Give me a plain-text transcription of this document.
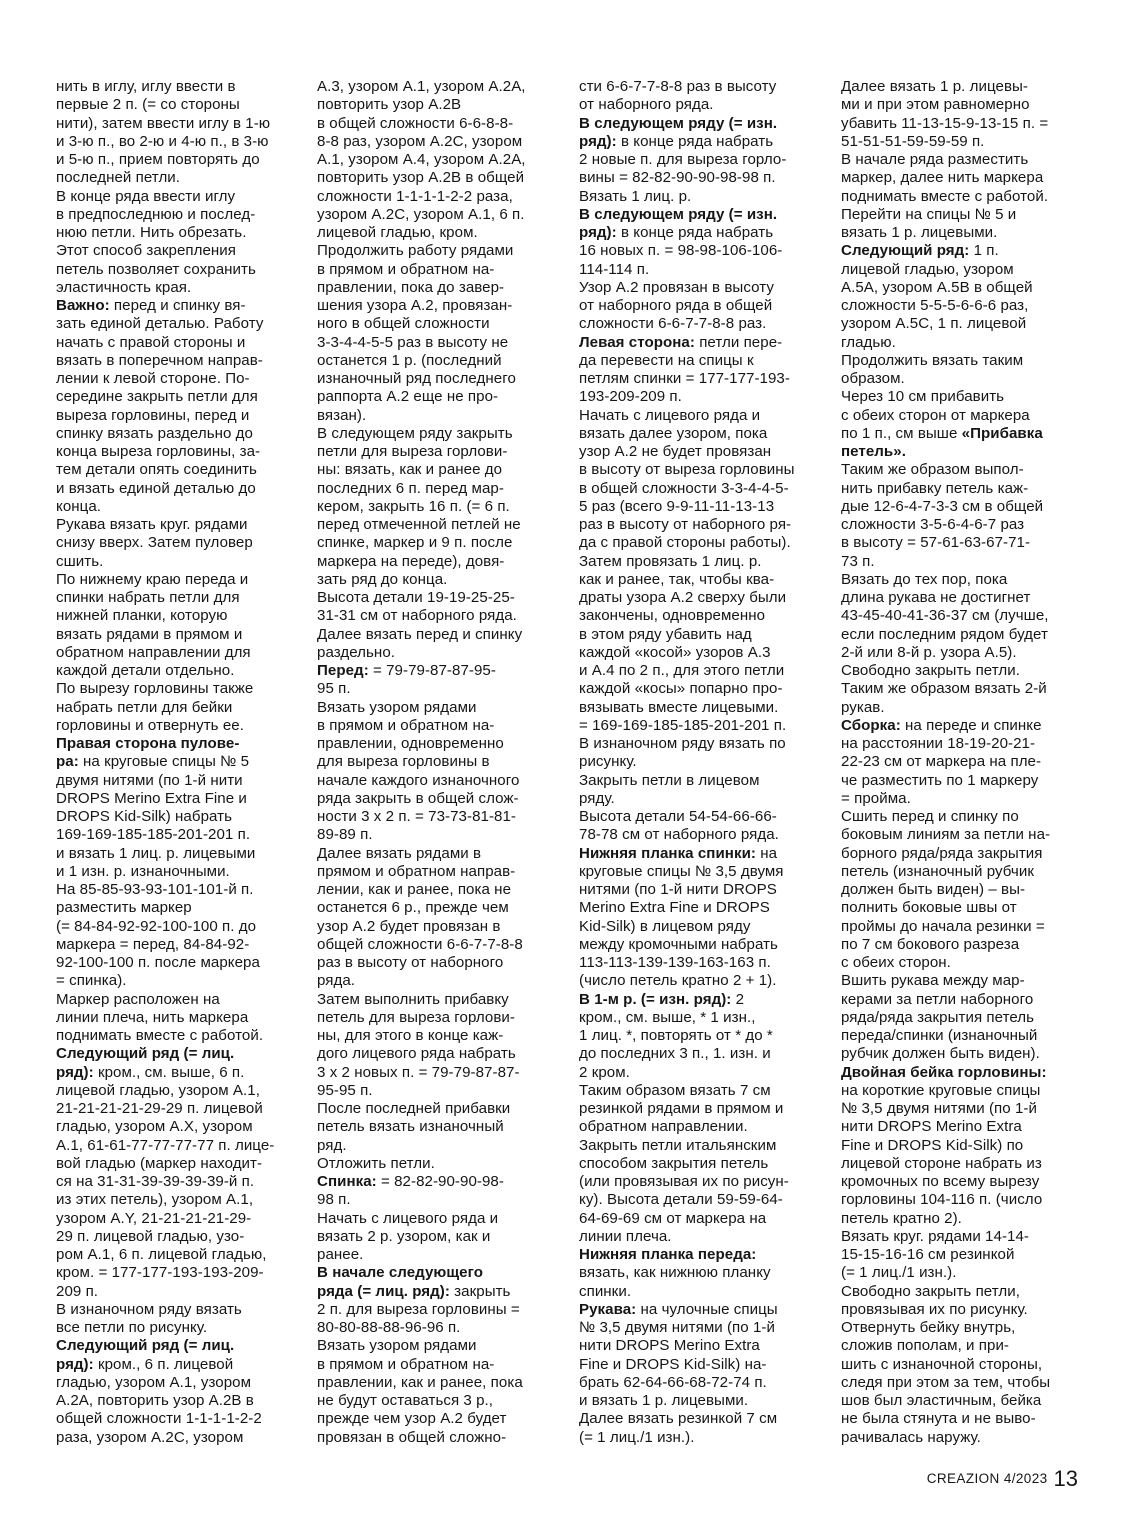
нить в иглу, иглу ввести в
первые 2 п. (= со стороны
нити), затем ввести иглу в 1-ю
и 3-ю п., во 2-ю и 4-ю п., в 3-ю
и 5-ю п., прием повторять до
последней петли.
В конце ряда ввести иглу
в предпоследнюю и послед-
нюю петли. Нить обрезать.
Этот способ закрепления
петель позволяет сохранить
эластичность края.
Важно: перед и спинку вя-
зать единой деталью. Работу
начать с правой стороны и
вязать в поперечном направ-
лении к левой стороне. По-
середине закрыть петли для
выреза горловины, перед и
спинку вязать раздельно до
конца выреза горловины, за-
тем детали опять соединить
и вязать единой деталью до
конца.
Рукава вязать круг. рядами
снизу вверх. Затем пуловер
сшить.
По нижнему краю переда и
спинки набрать петли для
нижней планки, которую
вязать рядами в прямом и
обратном направлении для
каждой детали отдельно.
По вырезу горловины также
набрать петли для бейки
горловины и отвернуть ее.
Правая сторона пулове-
ра: на круговые спицы № 5
двумя нитями (по 1-й нити
DROPS Merino Extra Fine и
DROPS Kid-Silk) набрать
169-169-185-185-201-201 п.
и вязать 1 лиц. р. лицевыми
и 1 изн. р. изнаночными.
На 85-85-93-93-101-101-й п.
разместить маркер
(= 84-84-92-92-100-100 п. до
маркера = перед, 84-84-92-
92-100-100 п. после маркера
= спинка).
Маркер расположен на
линии плеча, нить маркера
поднимать вместе с работой.
Следующий ряд (= лиц.
ряд): кром., см. выше, 6 п.
лицевой гладью, узором А.1,
21-21-21-21-29-29 п. лицевой
гладью, узором А.X, узором
А.1, 61-61-77-77-77-77 п. лице-
вой гладью (маркер находит-
ся на 31-31-39-39-39-39-й п.
из этих петель), узором А.1,
узором А.Y, 21-21-21-21-29-
29 п. лицевой гладью, узо-
ром А.1, 6 п. лицевой гладью,
кром. = 177-177-193-193-209-
209 п.
В изнаночном ряду вязать
все петли по рисунку.
Следующий ряд (= лиц.
ряд): кром., 6 п. лицевой
гладью, узором А.1, узором
А.2А, повторить узор А.2В в
общей сложности 1-1-1-1-2-2
раза, узором А.2С, узором
А.3, узором А.1, узором А.2А,
повторить узор А.2В
в общей сложности 6-6-8-8-
8-8 раз, узором А.2С, узором
А.1, узором А.4, узором А.2А,
повторить узор А.2В в общей
сложности 1-1-1-1-2-2 раза,
узором А.2С, узором А.1, 6 п.
лицевой гладью, кром.
Продолжить работу рядами
в прямом и обратном на-
правлении, пока до завер-
шения узора А.2, провязан-
ного в общей сложности
3-3-4-4-5-5 раз в высоту не
останется 1 р. (последний
изнаночный ряд последнего
раппорта А.2 еще не про-
вязан).
В следующем ряду закрыть
петли для выреза горлови-
ны: вязать, как и ранее до
последних 6 п. перед мар-
кером, закрыть 16 п. (= 6 п.
перед отмеченной петлей не
спинке, маркер и 9 п. после
маркера на переде), довя-
зать ряд до конца.
Высота детали 19-19-25-25-
31-31 см от наборного ряда.
Далее вязать перед и спинку
раздельно.
Перед: = 79-79-87-87-95-
95 п.
Вязать узором рядами
в прямом и обратном на-
правлении, одновременно
для выреза горловины в
начале каждого изнаночного
ряда закрыть в общей слож-
ности 3 х 2 п. = 73-73-81-81-
89-89 п.
Далее вязать рядами в
прямом и обратном направ-
лении, как и ранее, пока не
останется 6 р., прежде чем
узор А.2 будет провязан в
общей сложности 6-6-7-7-8-8
раз в высоту от наборного
ряда.
Затем выполнить прибавку
петель для выреза горлови-
ны, для этого в конце каж-
дого лицевого ряда набрать
3 х 2 новых п. = 79-79-87-87-
95-95 п.
После последней прибавки
петель вязать изнаночный
ряд.
Отложить петли.
Спинка: = 82-82-90-90-98-
98 п.
Начать с лицевого ряда и
вязать 2 р. узором, как и
ранее.
В начале следующего
ряда (= лиц. ряд): закрыть
2 п. для выреза горловины =
80-80-88-88-96-96 п.
Вязать узором рядами
в прямом и обратном на-
правлении, как и ранее, пока
не будут оставаться 3 р.,
прежде чем узор А.2 будет
провязан в общей сложно-
сти 6-6-7-7-8-8 раз в высоту
от наборного ряда.
В следующем ряду (= изн.
ряд): в конце ряда набрать
2 новые п. для выреза горло-
вины = 82-82-90-90-98-98 п.
Вязать 1 лиц. р.
В следующем ряду (= изн.
ряд): в конце ряда набрать
16 новых п. = 98-98-106-106-
114-114 п.
Узор А.2 провязан в высоту
от наборного ряда в общей
сложности 6-6-7-7-8-8 раз.
Левая сторона: петли пере-
да перевести на спицы к
петлям спинки = 177-177-193-
193-209-209 п.
Начать с лицевого ряда и
вязать далее узором, пока
узор А.2 не будет провязан
в высоту от выреза горловины
в общей сложности 3-3-4-4-5-
5 раз (всего 9-9-11-11-13-13
раз в высоту от наборного ря-
да с правой стороны работы).
Затем провязать 1 лиц. р.
как и ранее, так, чтобы ква-
драты узора А.2 сверху были
закончены, одновременно
в этом ряду убавить над
каждой «косой» узоров А.3
и А.4 по 2 п., для этого петли
каждой «косы» попарно про-
вязывать вместе лицевыми.
= 169-169-185-185-201-201 п.
В изнаночном ряду вязать по
рисунку.
Закрыть петли в лицевом
ряду.
Высота детали 54-54-66-66-
78-78 см от наборного ряда.
Нижняя планка спинки: на
круговые спицы № 3,5 двумя
нитями (по 1-й нити DROPS
Merino Extra Fine и DROPS
Kid-Silk) в лицевом ряду
между кромочными набрать
113-113-139-139-163-163 п.
(число петель кратно 2 + 1).
В 1-м р. (= изн. ряд): 2
кром., см. выше, * 1 изн.,
1 лиц. *, повторять от * до *
до последних 3 п., 1. изн. и
2 кром.
Таким образом вязать 7 см
резинкой рядами в прямом и
обратном направлении.
Закрыть петли итальянским
способом закрытия петель
(или провязывая их по рисун-
ку). Высота детали 59-59-64-
64-69-69 см от маркера на
линии плеча.
Нижняя планка переда:
вязать, как нижнюю планку
спинки.
Рукава: на чулочные спицы
№ 3,5 двумя нитями (по 1-й
нити DROPS Merino Extra
Fine и DROPS Kid-Silk) на-
брать 62-64-66-68-72-74 п.
и вязать 1 р. лицевыми.
Далее вязать резинкой 7 см
(= 1 лиц./1 изн.).
Далее вязать 1 р. лицевы-
ми и при этом равномерно
убавить 11-13-15-9-13-15 п. =
51-51-51-59-59-59 п.
В начале ряда разместить
маркер, далее нить маркера
поднимать вместе с работой.
Перейти на спицы № 5 и
вязать 1 р. лицевыми.
Следующий ряд: 1 п.
лицевой гладью, узором
А.5А, узором А.5В в общей
сложности 5-5-5-6-6-6 раз,
узором А.5С, 1 п. лицевой
гладью.
Продолжить вязать таким
образом.
Через 10 см прибавить
с обеих сторон от маркера
по 1 п., см выше «Прибавка
петель».
Таким же образом выпол-
нить прибавку петель каж-
дые 12-6-4-7-3-3 см в общей
сложности 3-5-6-4-6-7 раз
в высоту = 57-61-63-67-71-
73 п.
Вязать до тех пор, пока
длина рукава не достигнет
43-45-40-41-36-37 см (лучше,
если последним рядом будет
2-й или 8-й р. узора А.5).
Свободно закрыть петли.
Таким же образом вязать 2-й
рукав.
Сборка: на переде и спинке
на расстоянии 18-19-20-21-
22-23 см от маркера на пле-
че разместить по 1 маркеру
= пройма.
Сшить перед и спинку по
боковым линиям за петли на-
борного ряда/ряда закрытия
петель (изнаночный рубчик
должен быть виден) – вы-
полнить боковые швы от
проймы до начала резинки =
по 7 см бокового разреза
с обеих сторон.
Вшить рукава между мар-
керами за петли наборного
ряда/ряда закрытия петель
переда/спинки (изнаночный
рубчик должен быть виден).
Двойная бейка горловины:
на короткие круговые спицы
№ 3,5 двумя нитями (по 1-й
нити DROPS Merino Extra
Fine и DROPS Kid-Silk) по
лицевой стороне набрать из
кромочных по всему вырезу
горловины 104-116 п. (число
петель кратно 2).
Вязать круг. рядами 14-14-
15-15-16-16 см резинкой
(= 1 лиц./1 изн.).
Свободно закрыть петли,
провязывая их по рисунку.
Отвернуть бейку внутрь,
сложив пополам, и при-
шить с изнаночной стороны,
следя при этом за тем, чтобы
шов был эластичным, бейка
не была стянута и не выво-
рачивалась наружу.
CREAZION 4/2023 13
